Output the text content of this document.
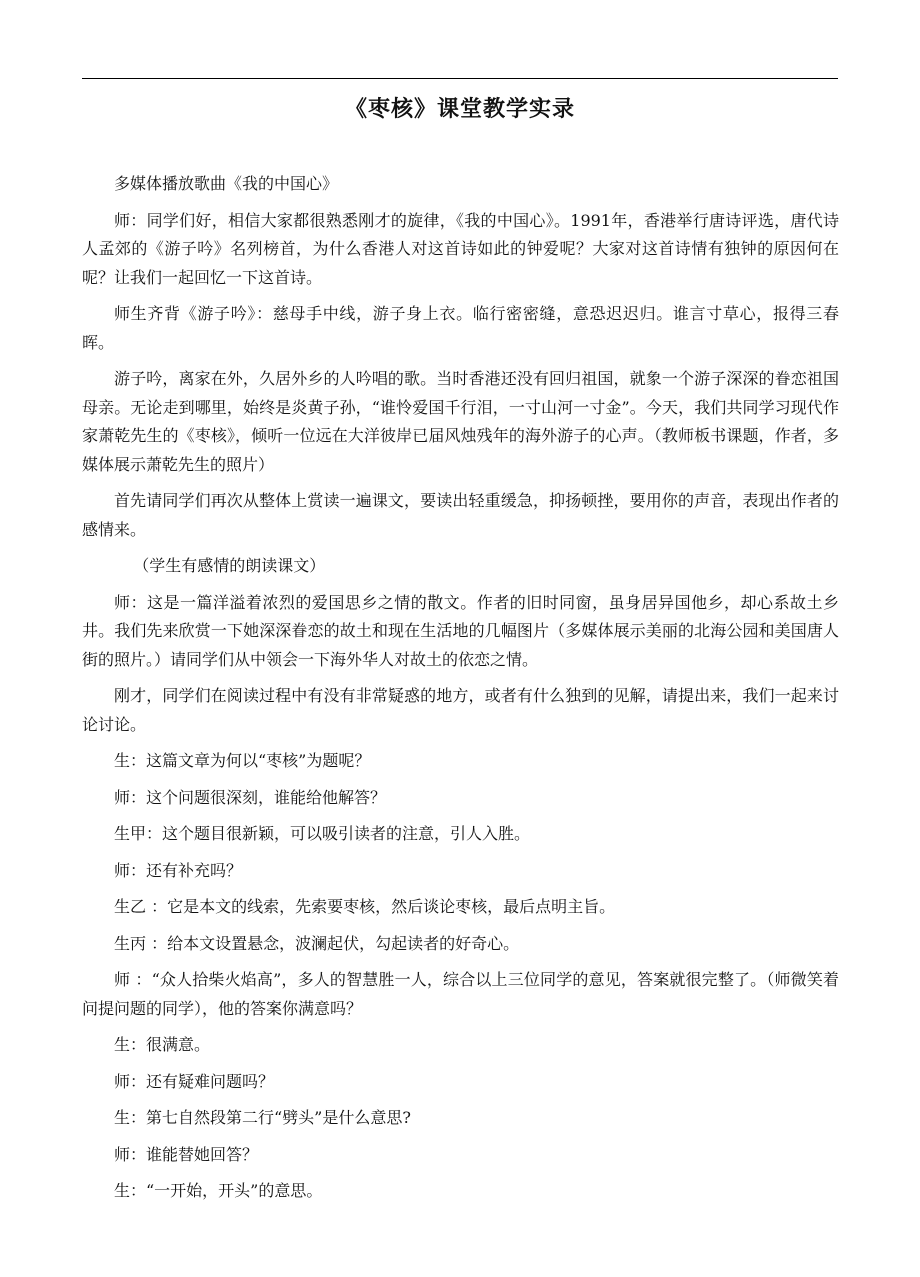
《枣核》课堂教学实录

多媒体播放歌曲《我的中国心》

师：同学们好，相信大家都很熟悉刚才的旋律，《我的中国心》。1991年，香港举行唐诗评选，唐代诗人孟郊的《游子吟》名列榜首，为什么香港人对这首诗如此的钟爱呢？大家对这首诗情有独钟的原因何在呢？让我们一起回忆一下这首诗。

师生齐背《游子吟》：慈母手中线，游子身上衣。临行密密缝，意恐迟迟归。谁言寸草心，报得三春晖。

游子吟，离家在外，久居外乡的人吟唱的歌。当时香港还没有回归祖国，就象一个游子深深的眷恋祖国母亲。无论走到哪里，始终是炎黄子孙，“谁怜爱国千行泪，一寸山河一寸金”。今天，我们共同学习现代作家萧乾先生的《枣核》，倾听一位远在大洋彼岸已届风烛残年的海外游子的心声。（教师板书课题，作者，多媒体展示萧乾先生的照片）

首先请同学们再次从整体上赏读一遍课文，要读出轻重缓急，抑扬顿挫，要用你的声音，表现出作者的感情来。

（学生有感情的朗读课文）

师：这是一篇洋溢着浓烈的爱国思乡之情的散文。作者的旧时同窗，虽身居异国他乡，却心系故土乡井。我们先来欣赏一下她深深眷恋的故土和现在生活地的几幅图片（多媒体展示美丽的北海公园和美国唐人街的照片。）请同学们从中领会一下海外华人对故土的依恋之情。

刚才，同学们在阅读过程中有没有非常疑惑的地方，或者有什么独到的见解，请提出来，我们一起来讨论讨论。

生：这篇文章为何以“枣核”为题呢？

师：这个问题很深刻，谁能给他解答？

生甲：这个题目很新颖，可以吸引读者的注意，引人入胜。

师：还有补充吗？

生乙 ：它是本文的线索，先索要枣核，然后谈论枣核，最后点明主旨。

生丙 ：给本文设置悬念，波澜起伏，勾起读者的好奇心。

师 ：“众人拾柴火焰高”，多人的智慧胜一人，综合以上三位同学的意见，答案就很完整了。（师微笑着问提问题的同学），他的答案你满意吗？

生：很满意。

师：还有疑难问题吗？

生：第七自然段第二行“劈头”是什么意思?

师：谁能替她回答？

生：“一开始，开头”的意思。
